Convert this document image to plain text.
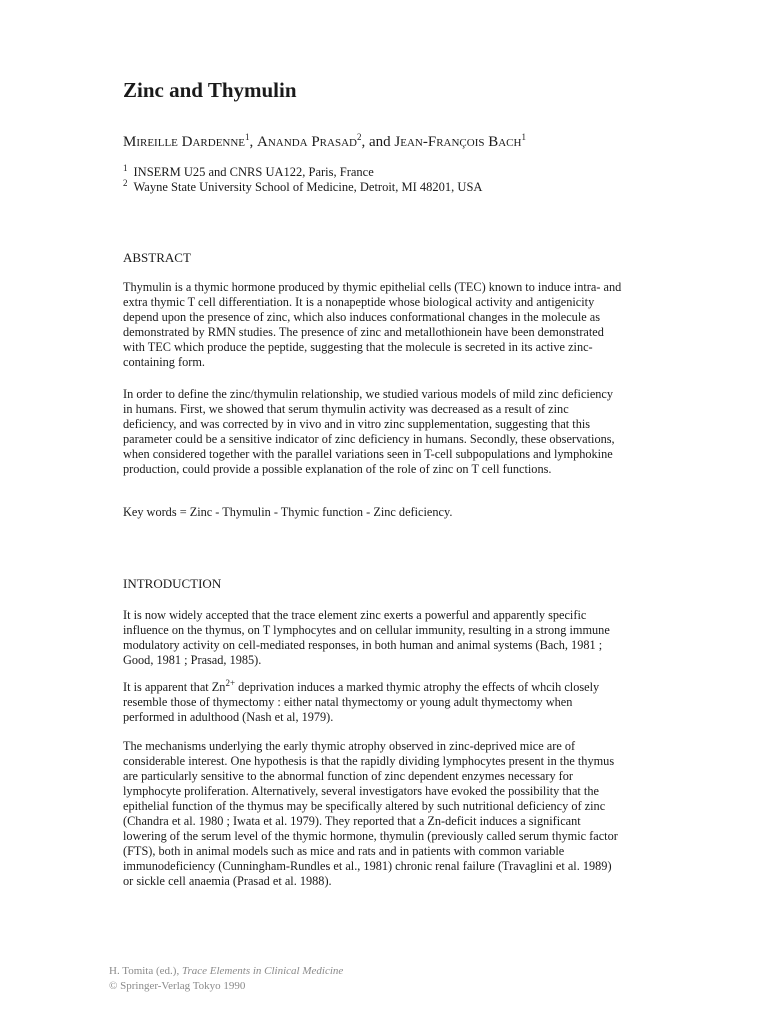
Zinc and Thymulin
Mireille Dardenne$^1$, Ananda Prasad$^2$, and Jean-François Bach$^1$
$^1$ INSERM U25 and CNRS UA122, Paris, France
$^2$ Wayne State University School of Medicine, Detroit, MI 48201, USA
ABSTRACT

Thymulin is a thymic hormone produced by thymic epithelial cells (TEC) known to induce intra- and extra thymic T cell differentiation. It is a nonapeptide whose biological activity and antigenicity depend upon the presence of zinc, which also induces conformational changes in the molecule as demonstrated by RMN studies. The presence of zinc and metallothionein have been demonstrated with TEC which produce the peptide, suggesting that the molecule is secreted in its active zinc-containing form.

In order to define the zinc/thymulin relationship, we studied various models of mild zinc deficiency in humans. First, we showed that serum thymulin activity was decreased as a result of zinc deficiency, and was corrected by in vivo and in vitro zinc supplementation, suggesting that this parameter could be a sensitive indicator of zinc deficiency in humans. Secondly, these observations, when considered together with the parallel variations seen in T-cell subpopulations and lymphokine production, could provide a possible explanation of the role of zinc on T cell functions.

Key words = Zinc - Thymulin - Thymic function - Zinc deficiency.

INTRODUCTION

It is now widely accepted that the trace element zinc exerts a powerful and apparently specific influence on the thymus, on T lymphocytes and on cellular immunity, resulting in a strong immune modulatory activity on cell-mediated responses, in both human and animal systems (Bach, 1981 ; Good, 1981 ; Prasad, 1985).

It is apparent that $Zn^{2+}$ deprivation induces a marked thymic atrophy the effects of whcih closely resemble those of thymectomy : either natal thymectomy or young adult thymectomy when performed in adulthood (Nash et al, 1979).

The mechanisms underlying the early thymic atrophy observed in zinc-deprived mice are of considerable interest. One hypothesis is that the rapidly dividing lymphocytes present in the thymus are particularly sensitive to the abnormal function of zinc dependent enzymes necessary for lymphocyte proliferation. Alternatively, several investigators have evoked the possibility that the epithelial function of the thymus may be specifically altered by such nutritional deficiency of zinc (Chandra et al. 1980 ; Iwata et al. 1979). They reported that a Zn-deficit induces a significant lowering of the serum level of the thymic hormone, thymulin (previously called serum thymic factor (FTS), both in animal models such as mice and rats and in patients with common variable immunodeficiency (Cunningham-Rundles et al., 1981) chronic renal failure (Travaglini et al. 1989) or sickle cell anaemia (Prasad et al. 1988).

H. Tomita (ed.), Trace Elements in Clinical Medicine
© Springer-Verlag Tokyo 1990
